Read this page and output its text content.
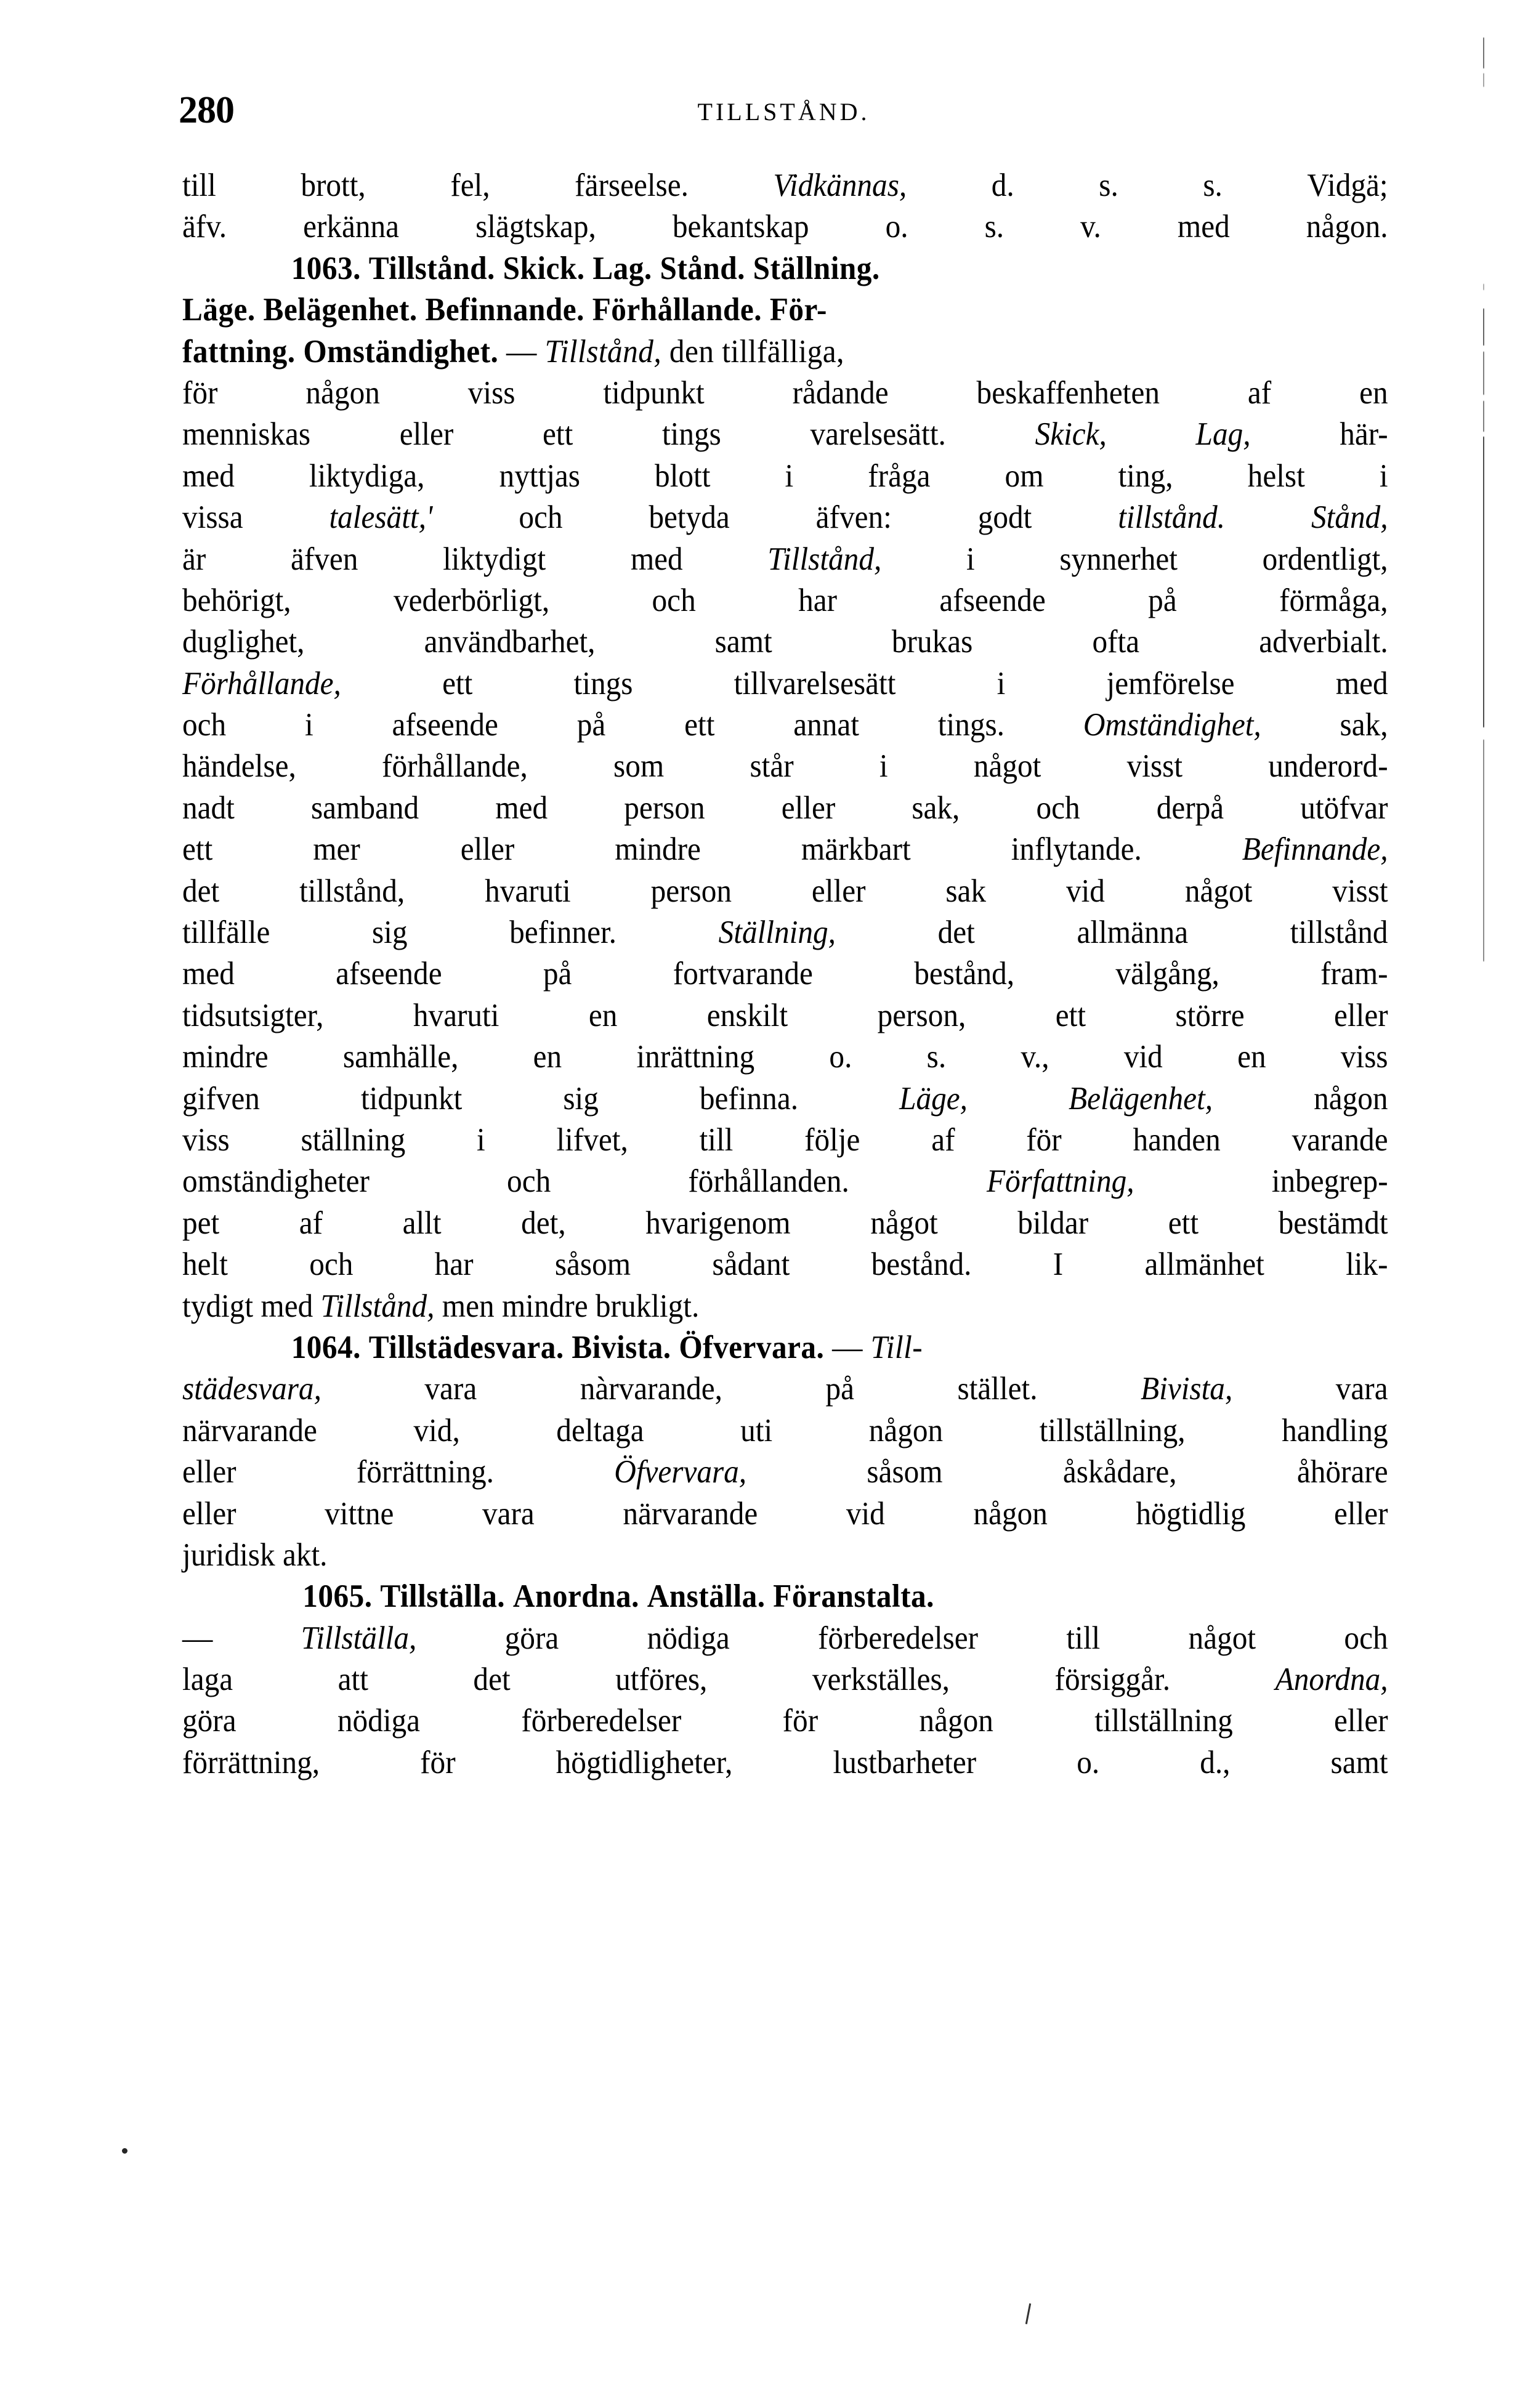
280	TILLSTÅND.
till	brott,	fel,	färseelse.	Vidkännas,	d.	s.	s.	Vidgä;
äfv. erkänna slägtskap, bekantskap o. s. v. med någon.
1063. Tillstånd. Skick. Lag. Stånd. Ställning.
Läge. Belägenhet. Befinnande. Förhållande. För-
fattning. Omständighet. — Tillstånd, den tillfälliga,
för	någon	viss	tidpunkt	rådande	beskaffenheten	af	en
menniskas	eller	ett	tings	varelsesätt.	Skick,	Lag,	här-
med liktydiga, nyttjas blott i fråga om ting, helst i
vissa	talesätt,'	och	betyda	äfven:	godt	tillstånd.	Stånd,
är	äfven	liktydigt	med	Tillstånd,	i	synnerhet	ordentligt,
behörigt,	vederbörligt,	och	har	afseende	på	förmåga,
duglighet,	användbarhet,	samt	brukas	ofta	adverbialt.
Förhållande,	ett	tings	tillvarelsesätt	i	jemförelse	med
och i afseende på ett annat tings. Omständighet, sak,
händelse,	förhållande,	som	står	i	något	visst	underord-
nadt samband med person eller sak, och derpå utöfvar
ett	mer	eller	mindre	märkbart	inflytande.	Befinnande,
det tillstånd, hvaruti person eller sak vid något visst
tillfälle	sig	befinner.	Ställning,	det	allmänna	tillstånd
med	afseende	på	fortvarande	bestånd,	välgång,	fram-
tidsutsigter,	hvaruti	en	enskilt	person,	ett	större	eller
mindre samhälle, en inrättning o. s. v., vid en viss
gifven	tidpunkt	sig	befinna.	Läge,	Belägenhet,	någon
viss ställning i lifvet, till följe af för handen varande
omständigheter	och	förhållanden.	Författning,	inbegrep-
pet af allt det, hvarigenom något bildar ett bestämdt
helt och har såsom sådant bestånd. I allmänhet lik-
tydigt med Tillstånd, men mindre brukligt.
1064. Tillstädesvara. Bivista. Öfvervara. — Till-
städesvara,	vara	nàrvarande,	på	stället.	Bivista,	vara
närvarande	vid,	deltaga	uti	någon	tillställning,	handling
eller	förrättning.	Öfvervara,	såsom	åskådare,	åhörare
eller	vittne	vara	närvarande	vid	någon	högtidlig	eller
juridisk akt.
1065. Tillställa. Anordna. Anställa. Föranstalta.
—	Tillställa,	göra	nödiga	förberedelser	till	något	och
laga	att	det	utföres,	verkställes,	försiggår.	Anordna,
göra	nödiga	förberedelser	för	någon	tillställning	eller
förrättning,	för	högtidligheter,	lustbarheter	o.	d.,	samt
